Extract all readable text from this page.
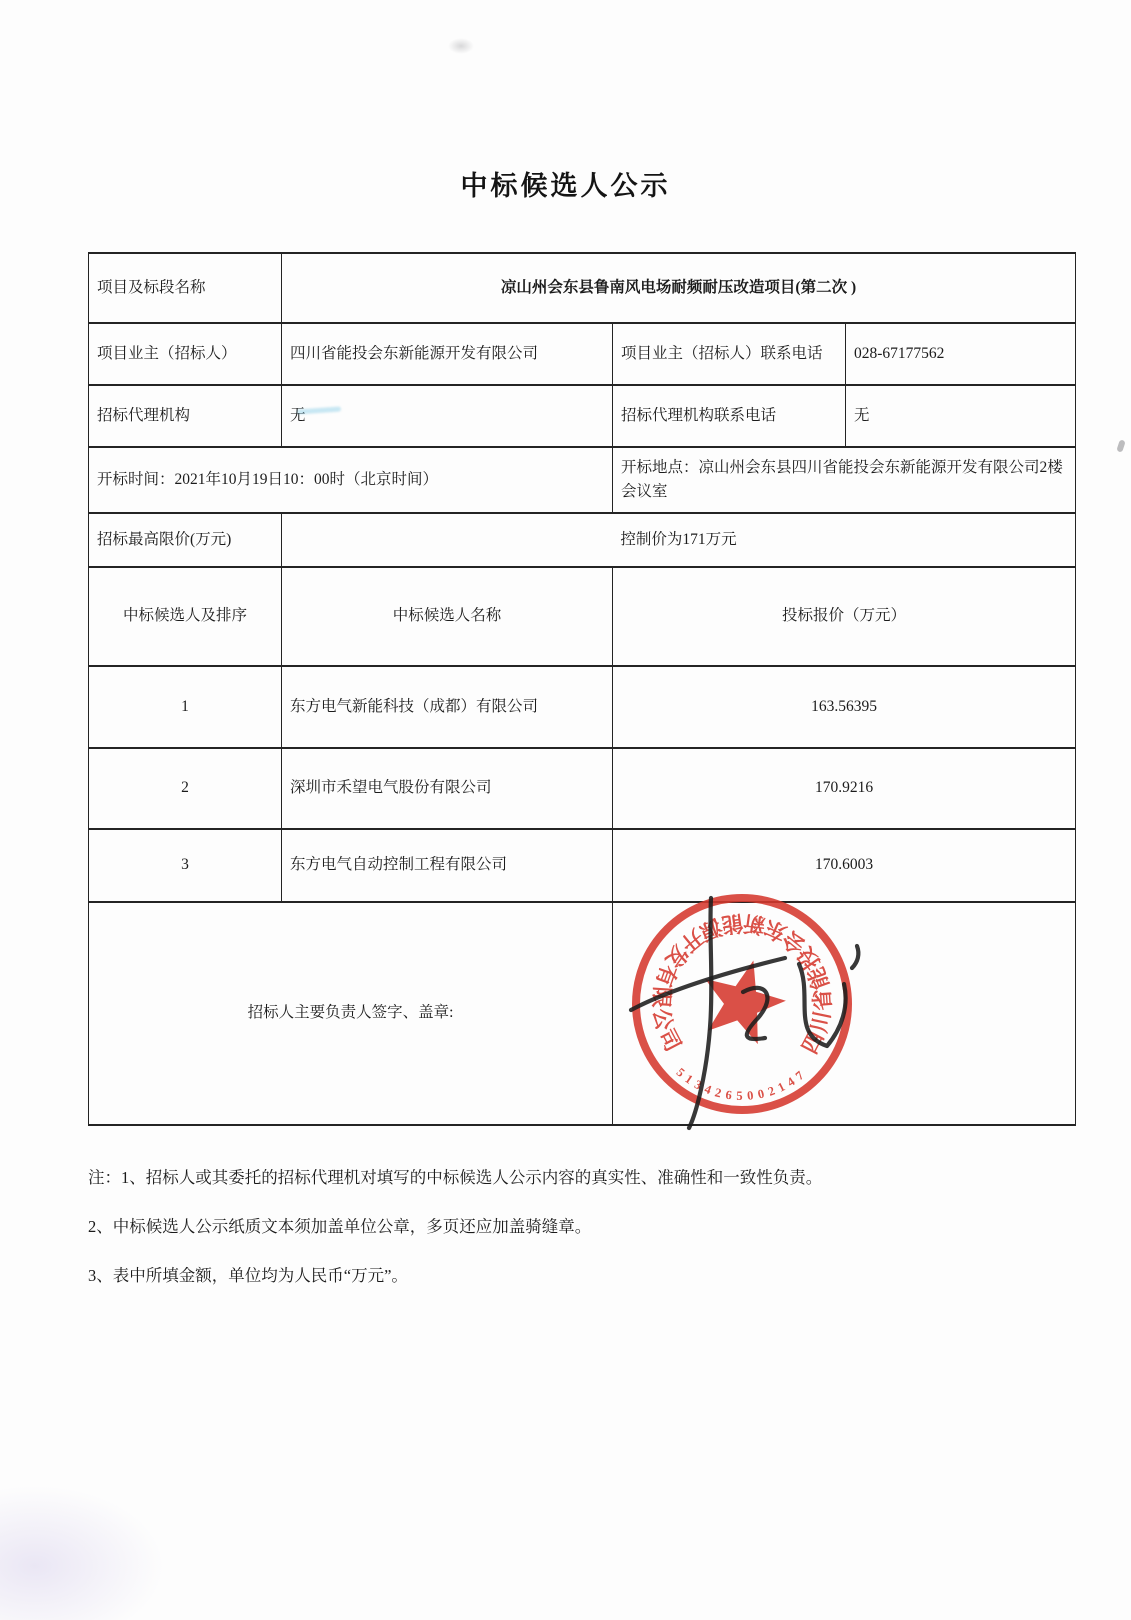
中标候选人公示
项目及标段名称	凉山州会东县鲁南风电场耐频耐压改造项目(第二次 )		
项目业主（招标人）	四川省能投会东新能源开发有限公司	项目业主（招标人）联系电话	028-67177562
招标代理机构	无	招标代理机构联系电话	无
开标时间：2021年10月19日10：00时（北京时间）		开标地点：凉山州会东县四川省能投会东新能源开发有限公司2楼会议室	
招标最高限价(万元)	控制价为171万元		
中标候选人及排序	中标候选人名称	投标报价（万元）	
1	东方电气新能科技（成都）有限公司	163.56395	
2	深圳市禾望电气股份有限公司	170.9216	
3	东方电气自动控制工程有限公司	170.6003	
招标人主要负责人签字、盖章:			
四川省能投会东新能源开发有限公司
5134265002147
注：1、招标人或其委托的招标代理机对填写的中标候选人公示内容的真实性、准确性和一致性负责。
2、中标候选人公示纸质文本须加盖单位公章，多页还应加盖骑缝章。
3、表中所填金额，单位均为人民币“万元”。
